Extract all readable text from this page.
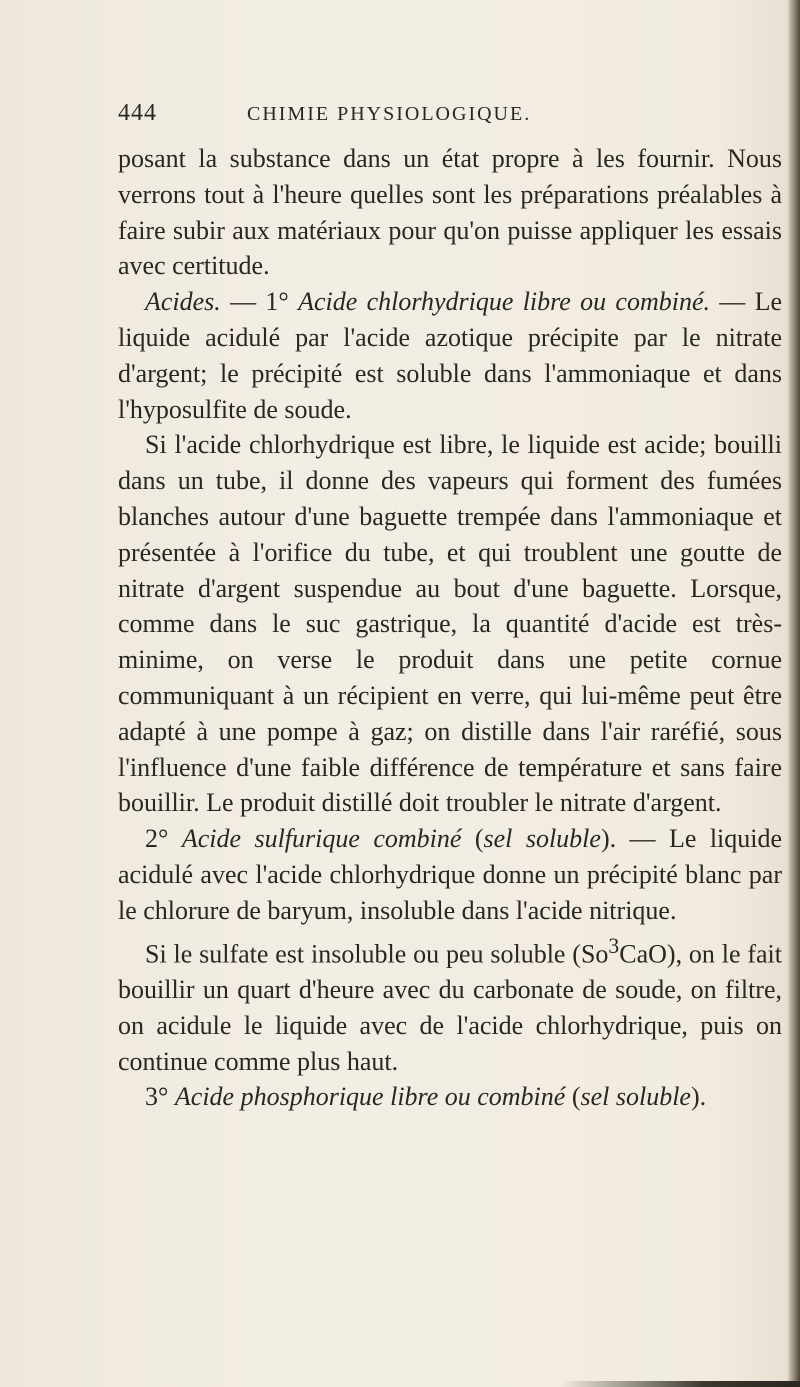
444	CHIMIE PHYSIOLOGIQUE.

posant la substance dans un état propre à les fournir. Nous verrons tout à l'heure quelles sont les préparations préalables à faire subir aux matériaux pour qu'on puisse appliquer les essais avec certitude.

Acides. — 1° Acide chlorhydrique libre ou combiné. — Le liquide acidulé par l'acide azotique précipite par le nitrate d'argent; le précipité est soluble dans l'ammoniaque et dans l'hyposulfite de soude.

Si l'acide chlorhydrique est libre, le liquide est acide; bouilli dans un tube, il donne des vapeurs qui forment des fumées blanches autour d'une baguette trempée dans l'ammoniaque et présentée à l'orifice du tube, et qui troublent une goutte de nitrate d'argent suspendue au bout d'une baguette. Lorsque, comme dans le suc gastrique, la quantité d'acide est très-minime, on verse le produit dans une petite cornue communiquant à un récipient en verre, qui lui-même peut être adapté à une pompe à gaz; on distille dans l'air raréfié, sous l'influence d'une faible différence de température et sans faire bouillir. Le produit distillé doit troubler le nitrate d'argent.

2° Acide sulfurique combiné (sel soluble). — Le liquide acidulé avec l'acide chlorhydrique donne un précipité blanc par le chlorure de baryum, insoluble dans l'acide nitrique.

Si le sulfate est insoluble ou peu soluble (So$^3$CaO), on le fait bouillir un quart d'heure avec du carbonate de soude, on filtre, on acidule le liquide avec de l'acide chlorhydrique, puis on continue comme plus haut.

3° Acide phosphorique libre ou combiné (sel soluble).
